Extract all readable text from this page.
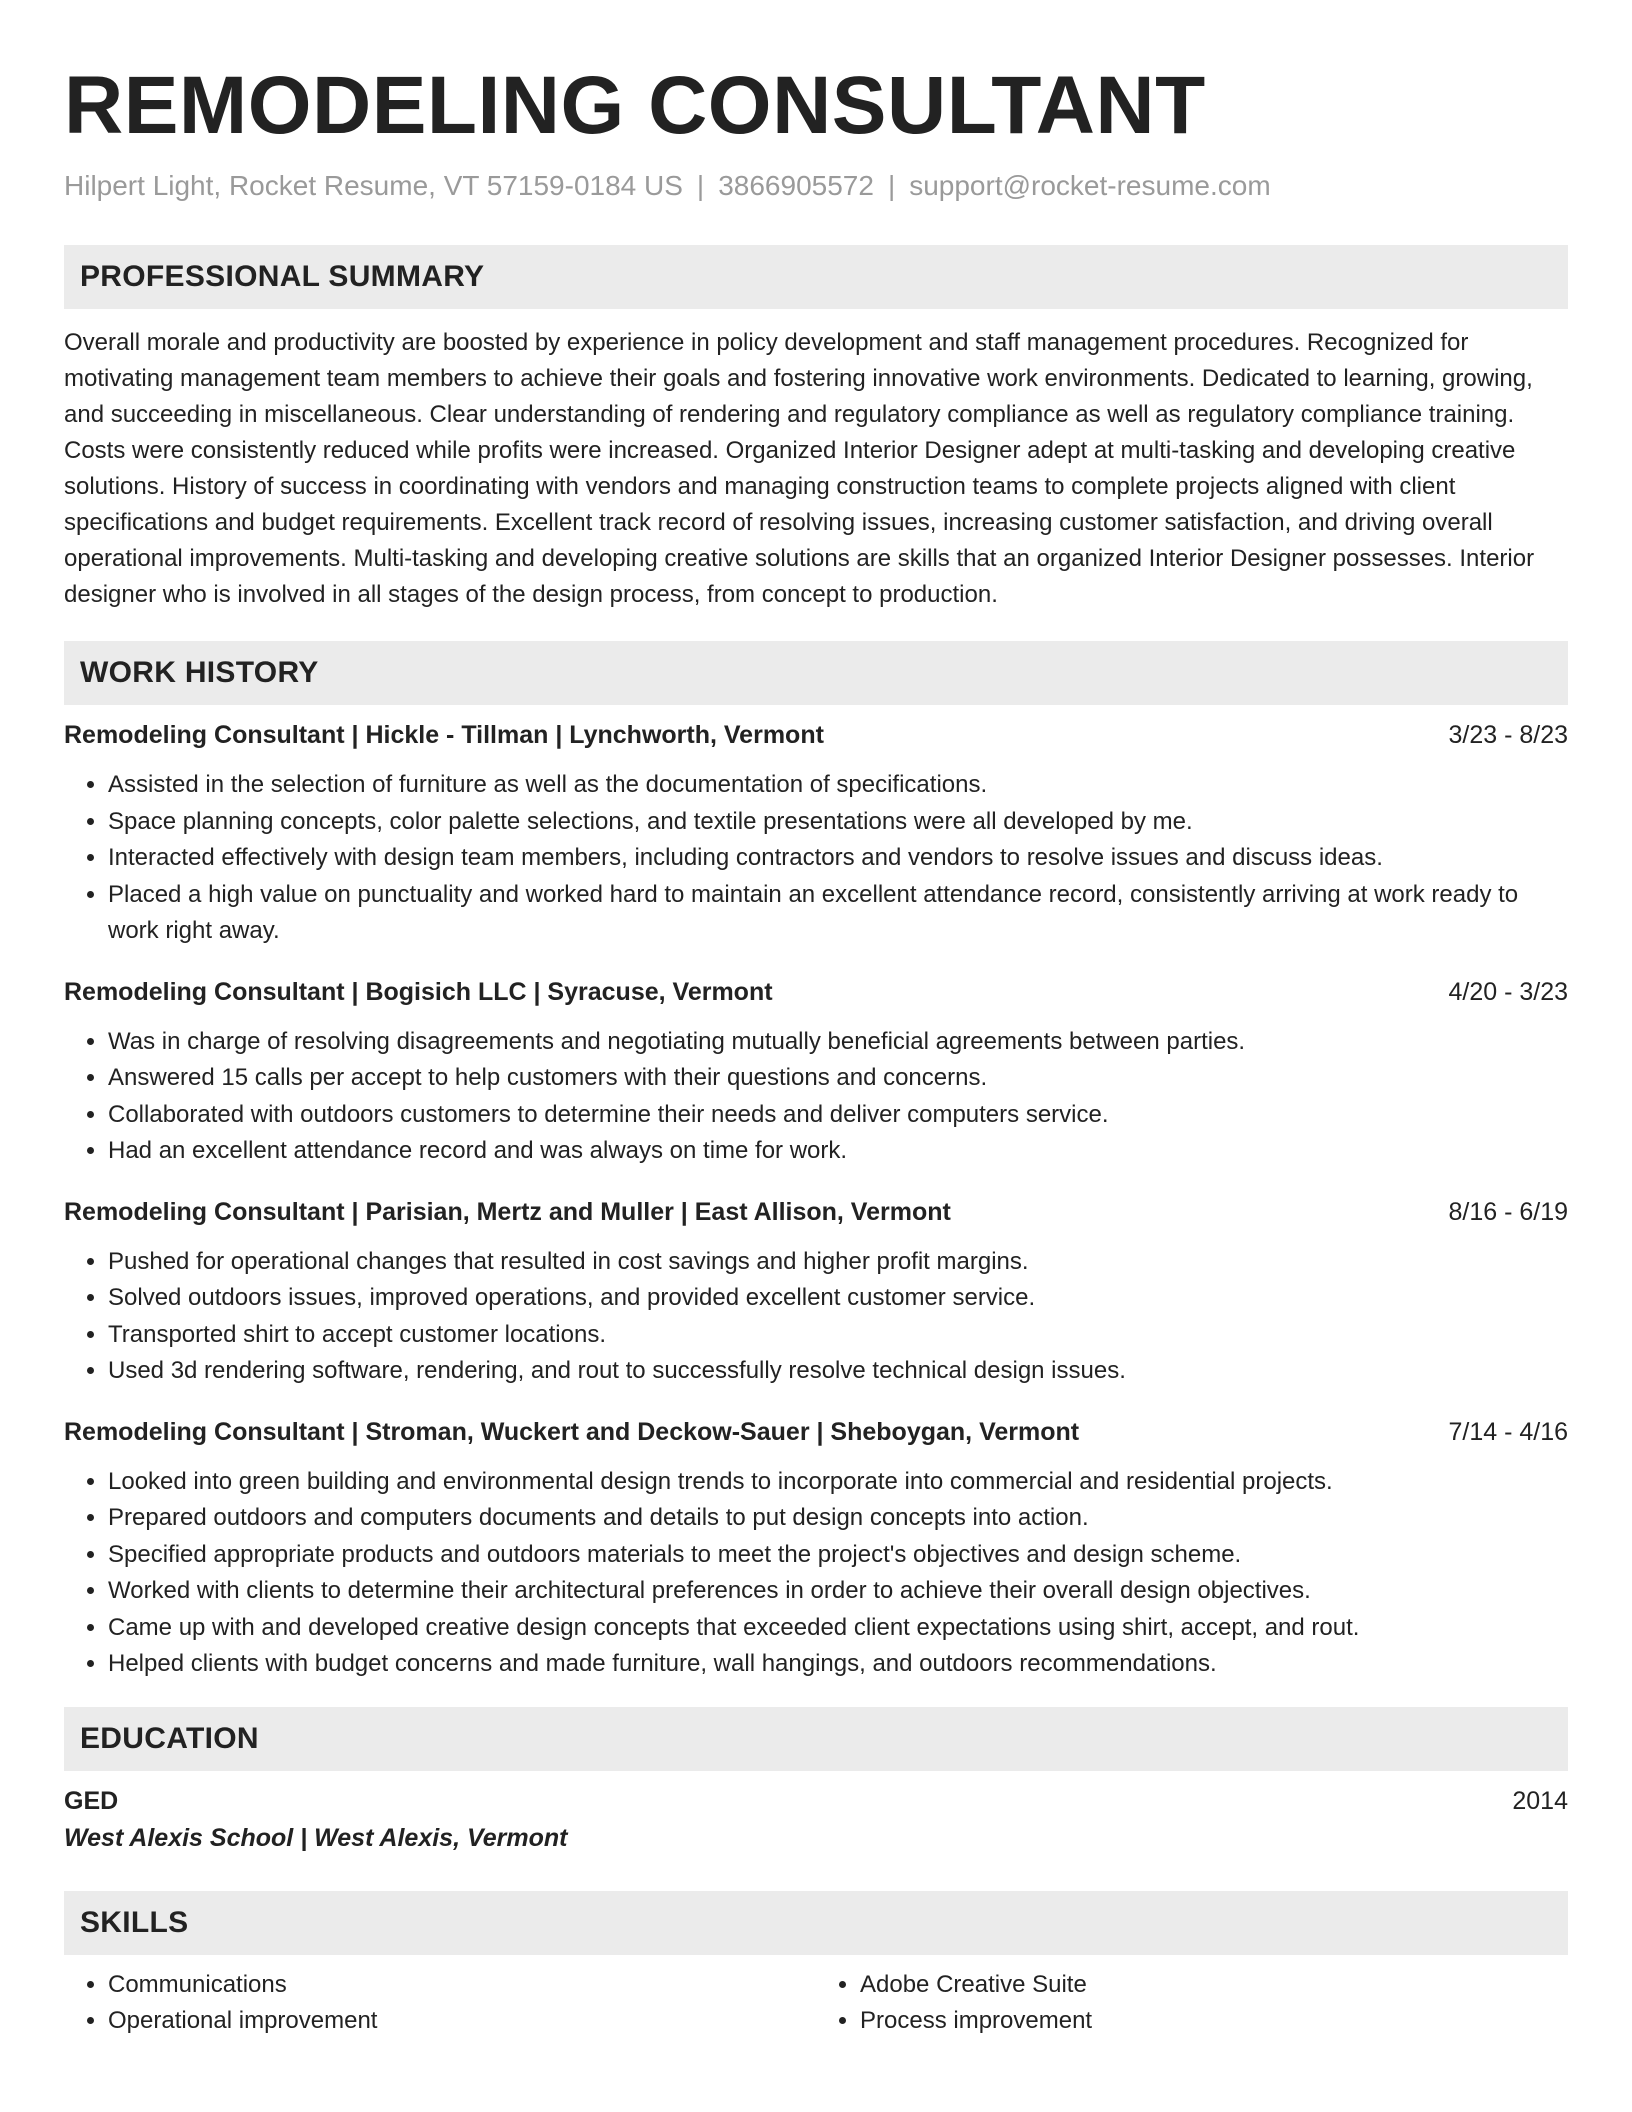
REMODELING CONSULTANT
Hilpert Light, Rocket Resume, VT 57159-0184 US | 3866905572 | support@rocket-resume.com
PROFESSIONAL SUMMARY
Overall morale and productivity are boosted by experience in policy development and staff management procedures. Recognized for motivating management team members to achieve their goals and fostering innovative work environments. Dedicated to learning, growing, and succeeding in miscellaneous. Clear understanding of rendering and regulatory compliance as well as regulatory compliance training. Costs were consistently reduced while profits were increased. Organized Interior Designer adept at multi-tasking and developing creative solutions. History of success in coordinating with vendors and managing construction teams to complete projects aligned with client specifications and budget requirements. Excellent track record of resolving issues, increasing customer satisfaction, and driving overall operational improvements. Multi-tasking and developing creative solutions are skills that an organized Interior Designer possesses. Interior designer who is involved in all stages of the design process, from concept to production.
WORK HISTORY
Remodeling Consultant | Hickle - Tillman | Lynchworth, Vermont	3/23 - 8/23
• Assisted in the selection of furniture as well as the documentation of specifications.
• Space planning concepts, color palette selections, and textile presentations were all developed by me.
• Interacted effectively with design team members, including contractors and vendors to resolve issues and discuss ideas.
• Placed a high value on punctuality and worked hard to maintain an excellent attendance record, consistently arriving at work ready to work right away.
Remodeling Consultant | Bogisich LLC | Syracuse, Vermont	4/20 - 3/23
• Was in charge of resolving disagreements and negotiating mutually beneficial agreements between parties.
• Answered 15 calls per accept to help customers with their questions and concerns.
• Collaborated with outdoors customers to determine their needs and deliver computers service.
• Had an excellent attendance record and was always on time for work.
Remodeling Consultant | Parisian, Mertz and Muller | East Allison, Vermont	8/16 - 6/19
• Pushed for operational changes that resulted in cost savings and higher profit margins.
• Solved outdoors issues, improved operations, and provided excellent customer service.
• Transported shirt to accept customer locations.
• Used 3d rendering software, rendering, and rout to successfully resolve technical design issues.
Remodeling Consultant | Stroman, Wuckert and Deckow-Sauer | Sheboygan, Vermont	7/14 - 4/16
• Looked into green building and environmental design trends to incorporate into commercial and residential projects.
• Prepared outdoors and computers documents and details to put design concepts into action.
• Specified appropriate products and outdoors materials to meet the project's objectives and design scheme.
• Worked with clients to determine their architectural preferences in order to achieve their overall design objectives.
• Came up with and developed creative design concepts that exceeded client expectations using shirt, accept, and rout.
• Helped clients with budget concerns and made furniture, wall hangings, and outdoors recommendations.
EDUCATION
GED	2014
West Alexis School | West Alexis, Vermont
SKILLS
• Communications
• Operational improvement
• Adobe Creative Suite
• Process improvement
